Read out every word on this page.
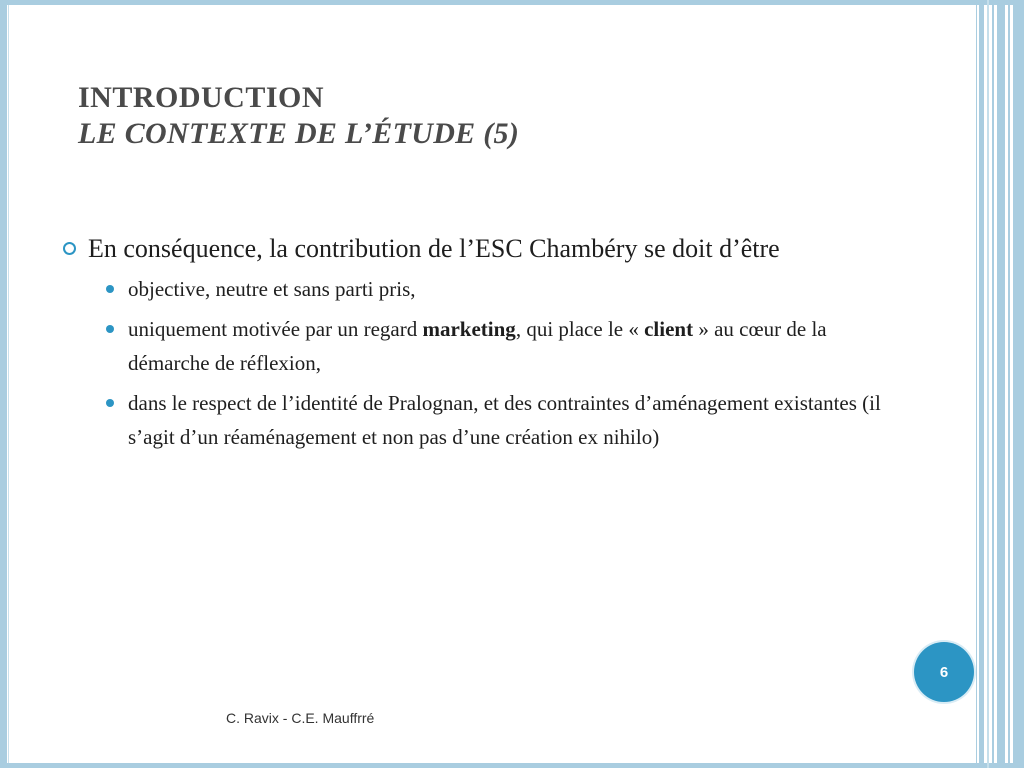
INTRODUCTION
LE CONTEXTE DE L’ÉTUDE (5)
En conséquence, la contribution de l’ESC Chambéry se doit d’être
objective, neutre et sans parti pris,
uniquement motivée par un regard marketing, qui place le « client » au cœur de la démarche de réflexion,
dans le respect de l’identité de Pralognan, et des contraintes d’aménagement existantes (il s’agit d’un réaménagement et non pas d’une création ex nihilo)
6
C. Ravix - C.E. Mauffrré
